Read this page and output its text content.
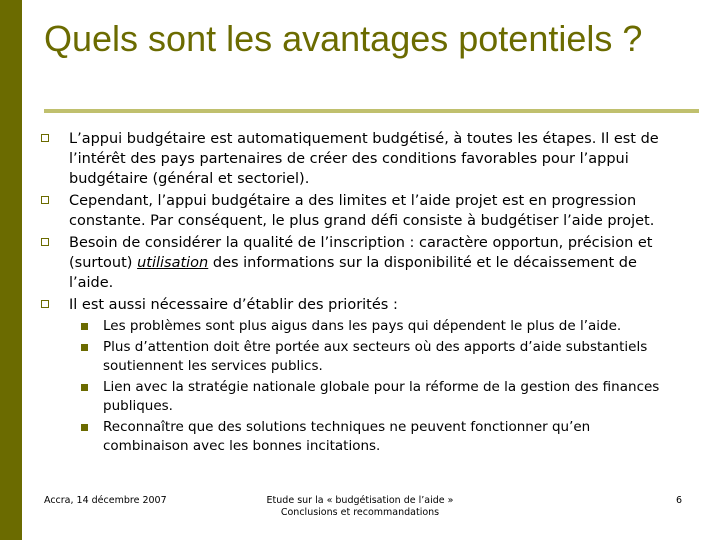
Quels sont les avantages potentiels ?
L’appui budgétaire est automatiquement budgétisé, à toutes les étapes. Il est de l’intérêt des pays partenaires de créer des conditions favorables pour l’appui budgétaire (général et sectoriel).
Cependant, l’appui budgétaire a des limites et l’aide projet est en progression constante. Par conséquent, le plus grand défi consiste à budgétiser l’aide projet.
Besoin de considérer la qualité de l’inscription : caractère opportun, précision et (surtout) utilisation des informations sur la disponibilité et le décaissement de l’aide.
Il est aussi nécessaire d’établir des priorités :
Les problèmes sont plus aigus dans les pays qui dépendent le plus de l’aide.
Plus d’attention doit être portée aux secteurs où des apports d’aide substantiels soutiennent les services publics.
Lien avec la stratégie nationale globale pour la réforme de la gestion des finances publiques.
Reconnaître que des solutions techniques ne peuvent fonctionner qu’en combinaison avec les bonnes incitations.
Accra, 14 décembre 2007	Etude sur la « budgétisation de l’aide »
Conclusions et recommandations
6
